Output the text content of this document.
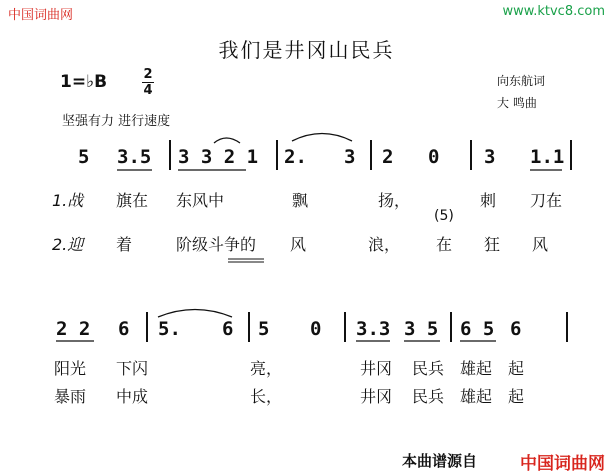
中国词曲网	www.ktvc8.com
我们是井冈山民兵
1=♭B	2
4
向东航词
大 鸣曲
坚强有力 进行速度
5 3.5 3 3 2 1 2. 3 2 0 3 1.1
1.战 旗在 东风中	飘	扬，	刺 刀在
(5)
2.迎 着	阶级斗争的 风	浪， 在 狂 风
2 2 6 5. 6 5 0 3.3 3 5 6 5 6
阳光 下闪	亮，	井冈 民兵 雄起 起
暴雨 中成	长，	井冈 民兵 雄起 起
本曲谱源自	中国词曲网
